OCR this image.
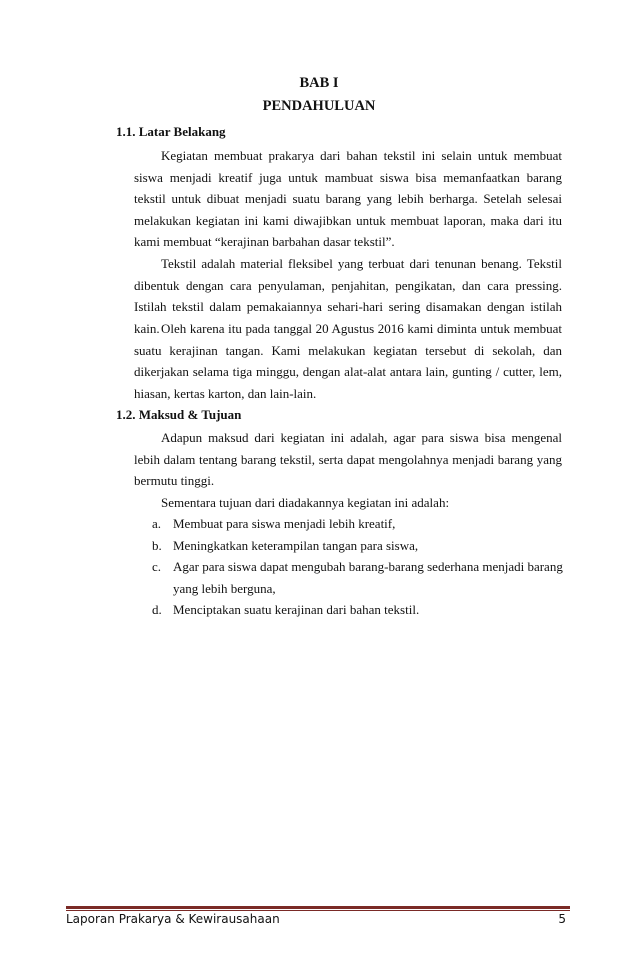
BAB I
PENDAHULUAN
1.1. Latar Belakang

Kegiatan membuat prakarya dari bahan tekstil ini selain untuk membuat siswa menjadi kreatif juga untuk mambuat siswa bisa memanfaatkan barang tekstil untuk dibuat menjadi suatu barang yang lebih berharga. Setelah selesai melakukan kegiatan ini kami diwajibkan untuk membuat laporan, maka dari itu kami membuat “kerajinan barbahan dasar tekstil”.

Tekstil adalah material fleksibel yang terbuat dari tenunan benang. Tekstil dibentuk dengan cara penyulaman, penjahitan, pengikatan, dan cara pressing. Istilah tekstil dalam pemakaiannya sehari-hari sering disamakan dengan istilah kain. Oleh karena itu pada tanggal 20 Agustus 2016 kami diminta untuk membuat suatu kerajinan tangan. Kami melakukan kegiatan tersebut di sekolah, dan dikerjakan selama tiga minggu, dengan alat-alat antara lain, gunting / cutter, lem, hiasan, kertas karton, dan lain-lain.

1.2. Maksud & Tujuan

Adapun maksud dari kegiatan ini adalah, agar para siswa bisa mengenal lebih dalam tentang barang tekstil, serta dapat mengolahnya menjadi barang yang bermutu tinggi.

Sementara tujuan dari diadakannya kegiatan ini adalah:

a. Membuat para siswa menjadi lebih kreatif,
b. Meningkatkan keterampilan tangan para siswa,
c. Agar para siswa dapat mengubah barang-barang sederhana menjadi barang yang lebih berguna,
d. Menciptakan suatu kerajinan dari bahan tekstil.
Laporan Prakarya & Kewirausahaan	5
